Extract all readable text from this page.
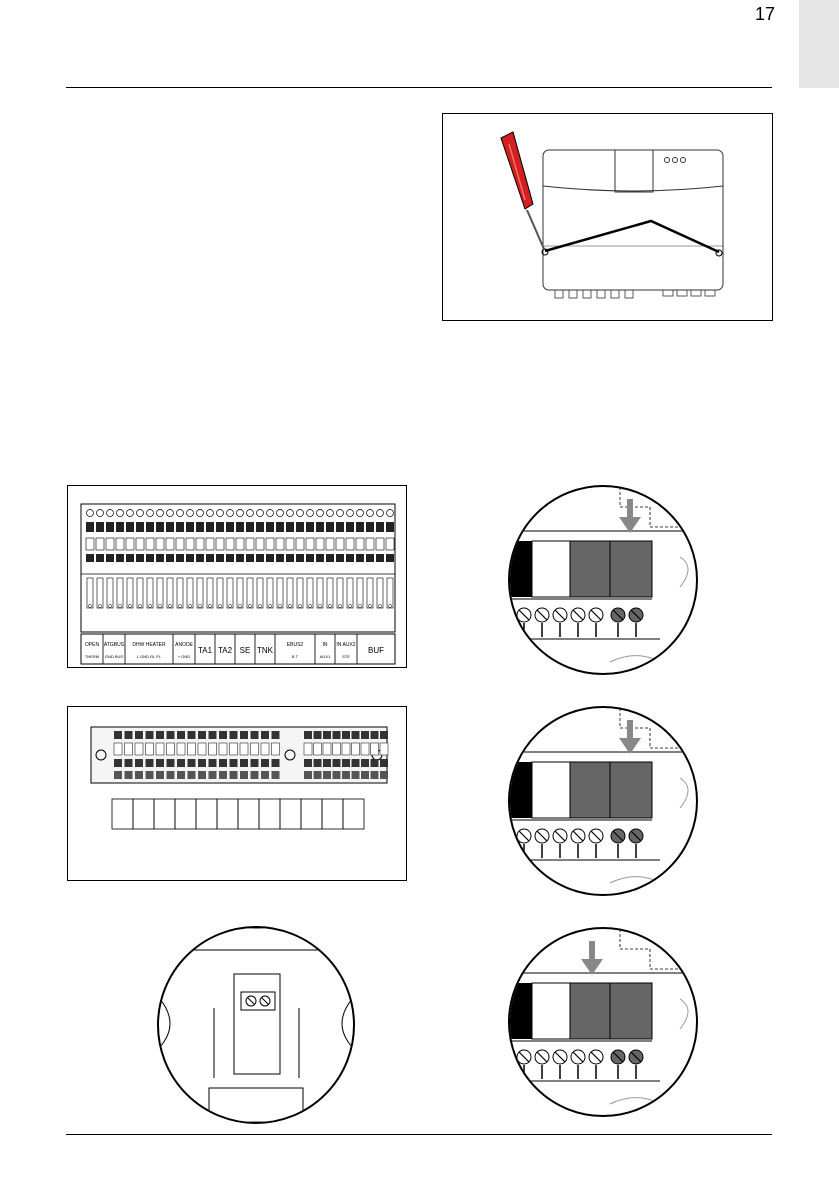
17
OPEN
THERM
ATGBUS
GND BUS
DHW HEATER
L GND RL PL
ANODE
+ GND
TA1 TA2 SE TNK
EBUS2
B T
IN
AUX1
IN AUX2
STE
BUF
